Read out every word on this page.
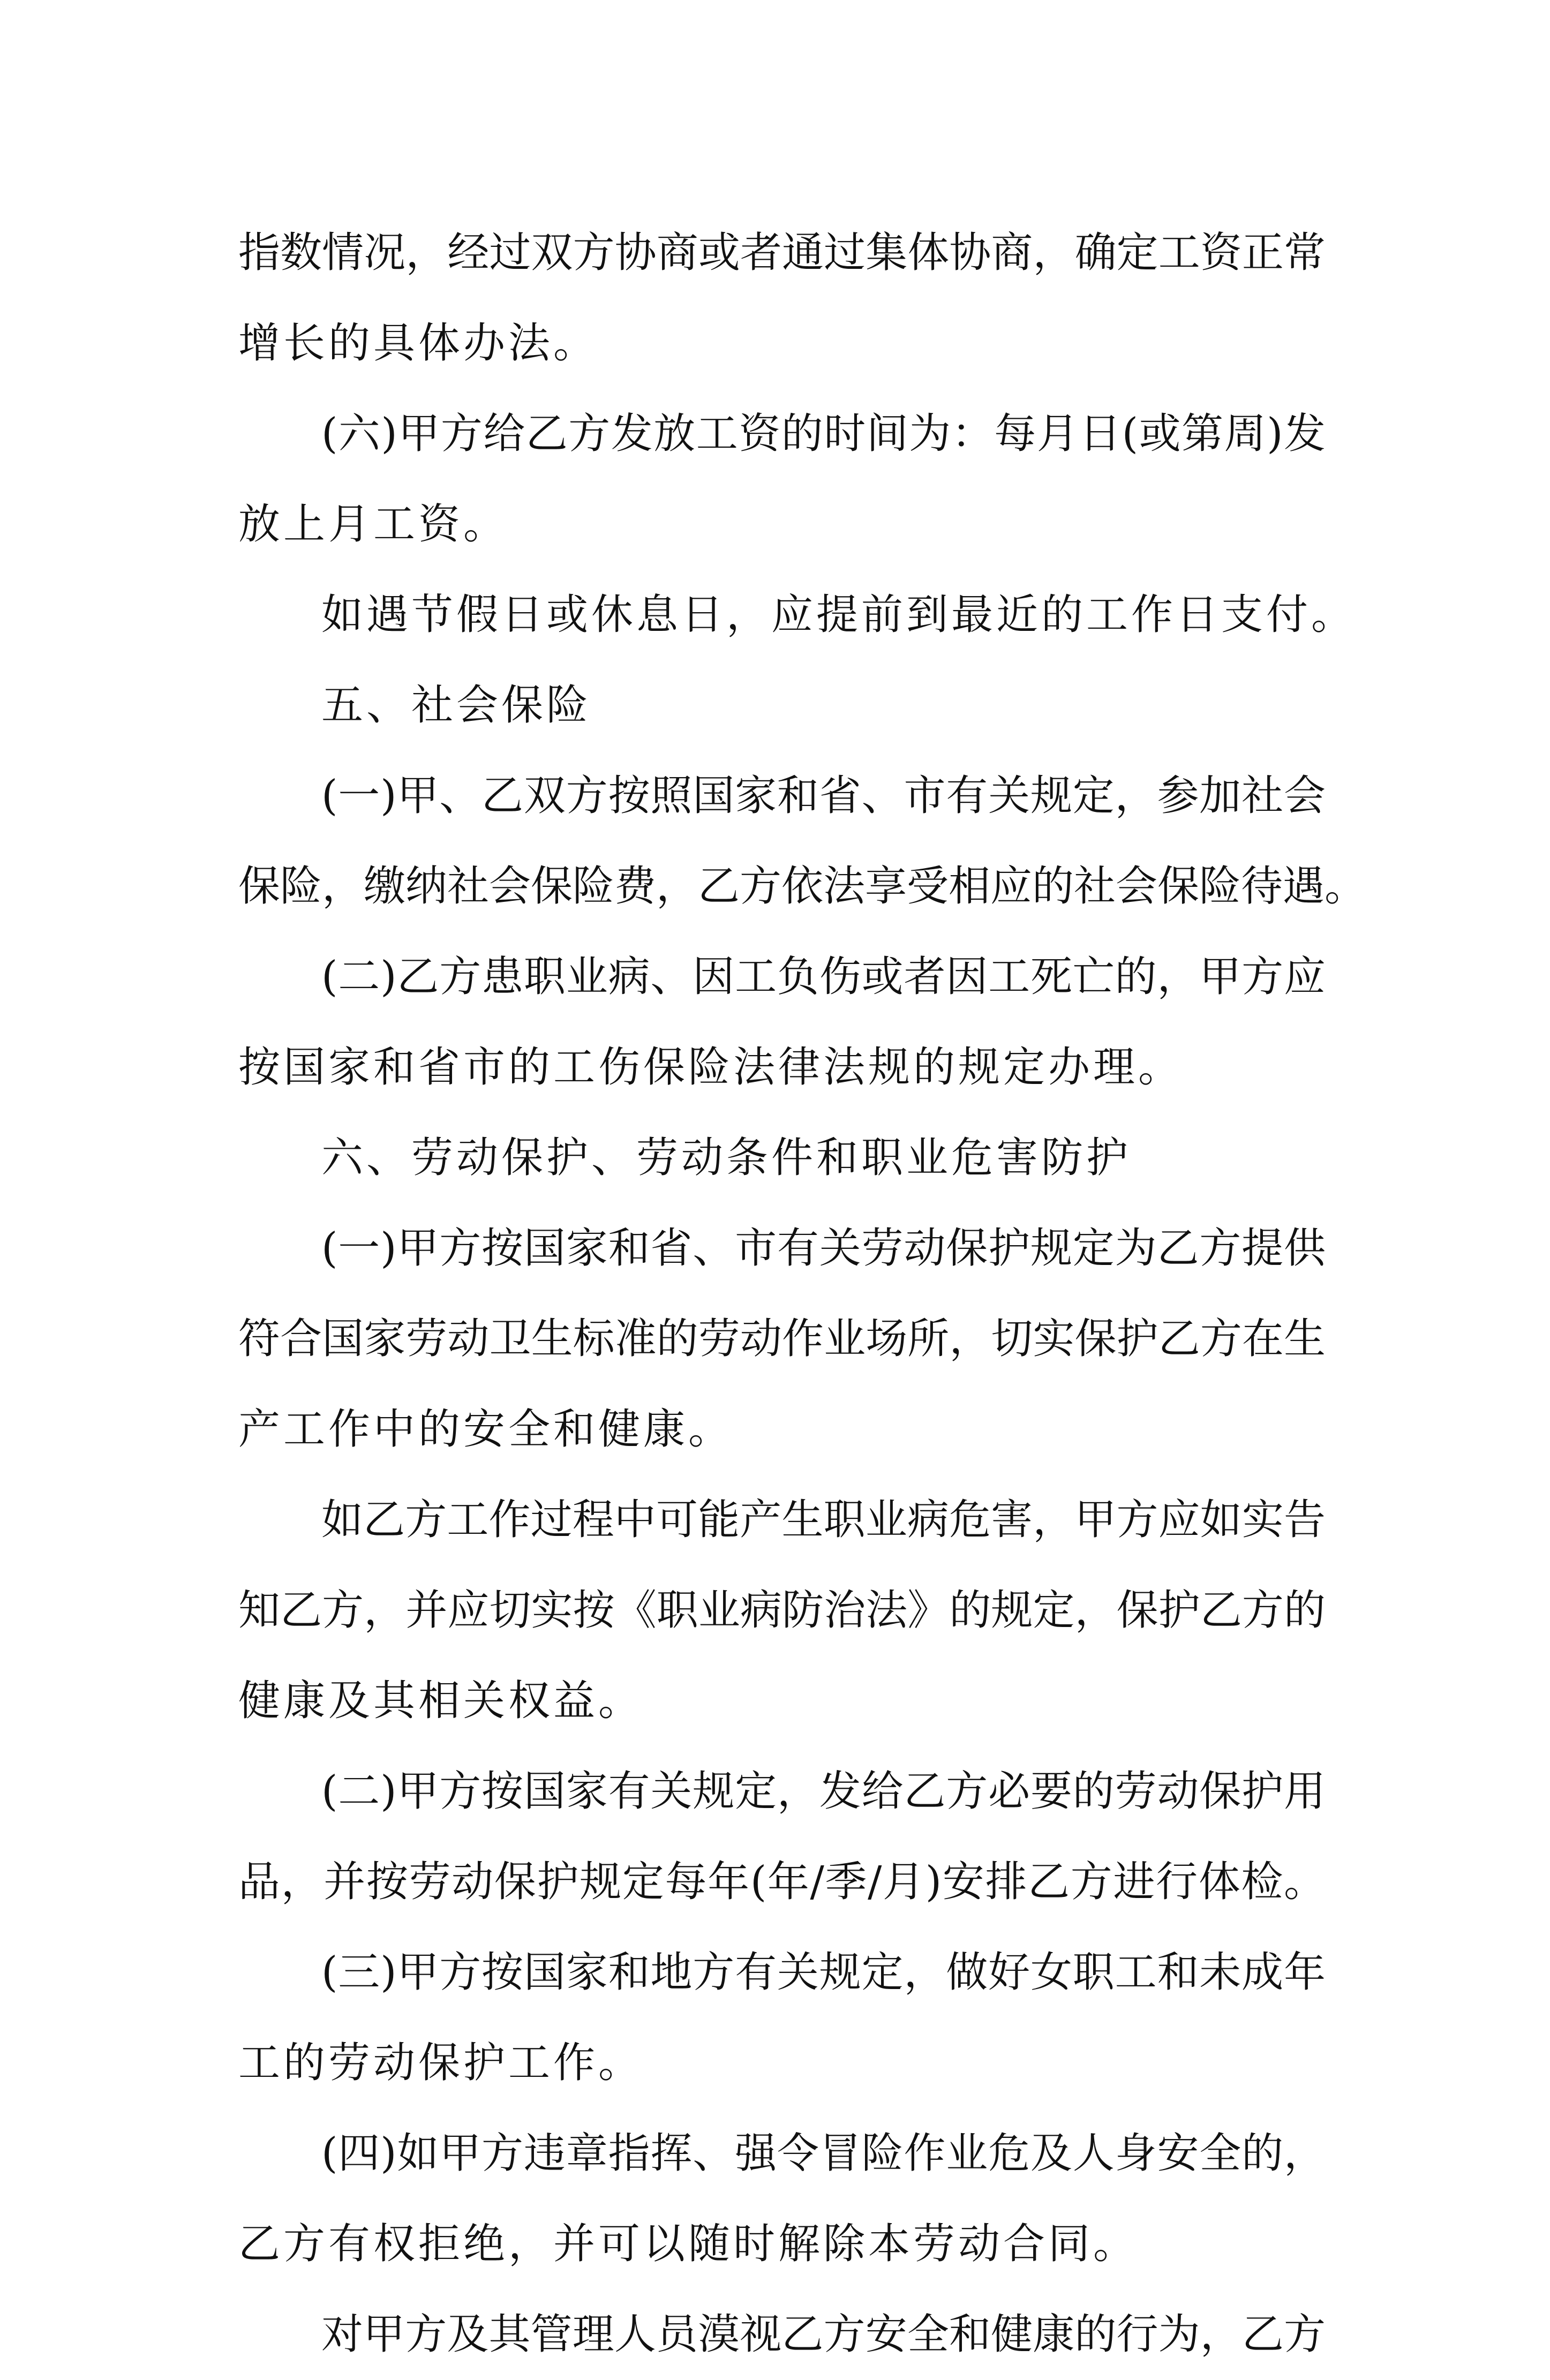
指数情况，经过双方协商或者通过集体协商，确定工资正常
增长的具体办法。
(六)甲方给乙方发放工资的时间为：每月日(或第周)发
放上月工资。
如遇节假日或休息日，应提前到最近的工作日支付。
五、社会保险
(一)甲、乙双方按照国家和省、市有关规定，参加社会
保险，缴纳社会保险费，乙方依法享受相应的社会保险待遇。
(二)乙方患职业病、因工负伤或者因工死亡的，甲方应
按国家和省市的工伤保险法律法规的规定办理。
六、劳动保护、劳动条件和职业危害防护
(一)甲方按国家和省、市有关劳动保护规定为乙方提供
符合国家劳动卫生标准的劳动作业场所，切实保护乙方在生
产工作中的安全和健康。
如乙方工作过程中可能产生职业病危害，甲方应如实告
知乙方，并应切实按《职业病防治法》的规定，保护乙方的
健康及其相关权益。
(二)甲方按国家有关规定，发给乙方必要的劳动保护用
品，并按劳动保护规定每年(年/季/月)安排乙方进行体检。
(三)甲方按国家和地方有关规定，做好女职工和未成年
工的劳动保护工作。
(四)如甲方违章指挥、强令冒险作业危及人身安全的，
乙方有权拒绝，并可以随时解除本劳动合同。
对甲方及其管理人员漠视乙方安全和健康的行为，乙方
